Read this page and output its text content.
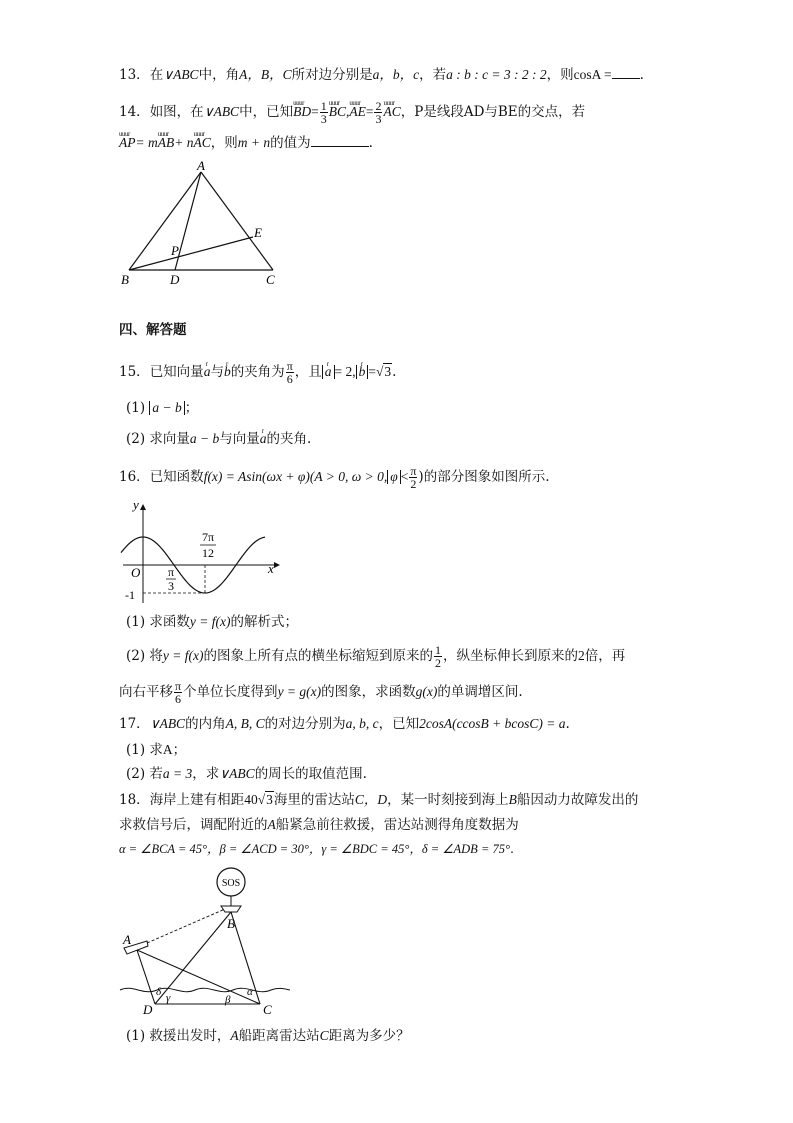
13．在∨ABC中，角A，B，C所对边分别是a，b，c，若a : b : c = 3 : 2 : 2，则cosA = .
14．如图，在∨ABC中，已知uuur $BD= \frac{1}{3}$ uuur BC,uuur $AE= \frac{2}{3}$ uuur AC，P是线段AD与BE的交点，若
uuur AP= muuur AB+ nuuur AC，则m + n的值为	.
A
B	D	C
E
P
四、解答题
15．已知向量r a与r b的夹角为 $\frac{\pi}{6}$ ，且 r a = 2, r b =√3.
(1) a − b ；
(2) 求向量a − b与向量r a的夹角.
16．已知函数f(x) = Asin(ωx + φ)(A > 0, ω > 0, $\varphi < \frac{\pi}{2}$ )的部分图象如图所示.
y
x
O
-1
π
3
7π
12
(1) 求函数y = f(x)的解析式；
(2) 将y = f(x)的图象上所有点的横坐标缩短到原来的 $\frac{1}{2}$ ，纵坐标伸长到原来的2倍，再
向右平移 $\frac{\pi}{6}$ 个单位长度得到y = g(x)的图象，求函数g(x)的单调增区间.
17．∨ABC的内角A, B, C的对边分别为a, b, c，已知2cosA(ccosB + bcosC) = a.
(1) 求A；
(2) 若a = 3，求∨ABC的周长的取值范围.
18．海岸上建有相距40√3海里的雷达站C，D，某一时刻接到海上B船因动力故障发出的
求救信号后，调配附近的A船紧急前往救援，雷达站测得角度数据为
α = ∠BCA = 45°，β = ∠ACD = 30°，γ = ∠BDC = 45°，δ = ∠ADB = 75°.
SOS
B
A
D	C
δ γ	β
α
(1) 救援出发时，A船距离雷达站C距离为多少？
